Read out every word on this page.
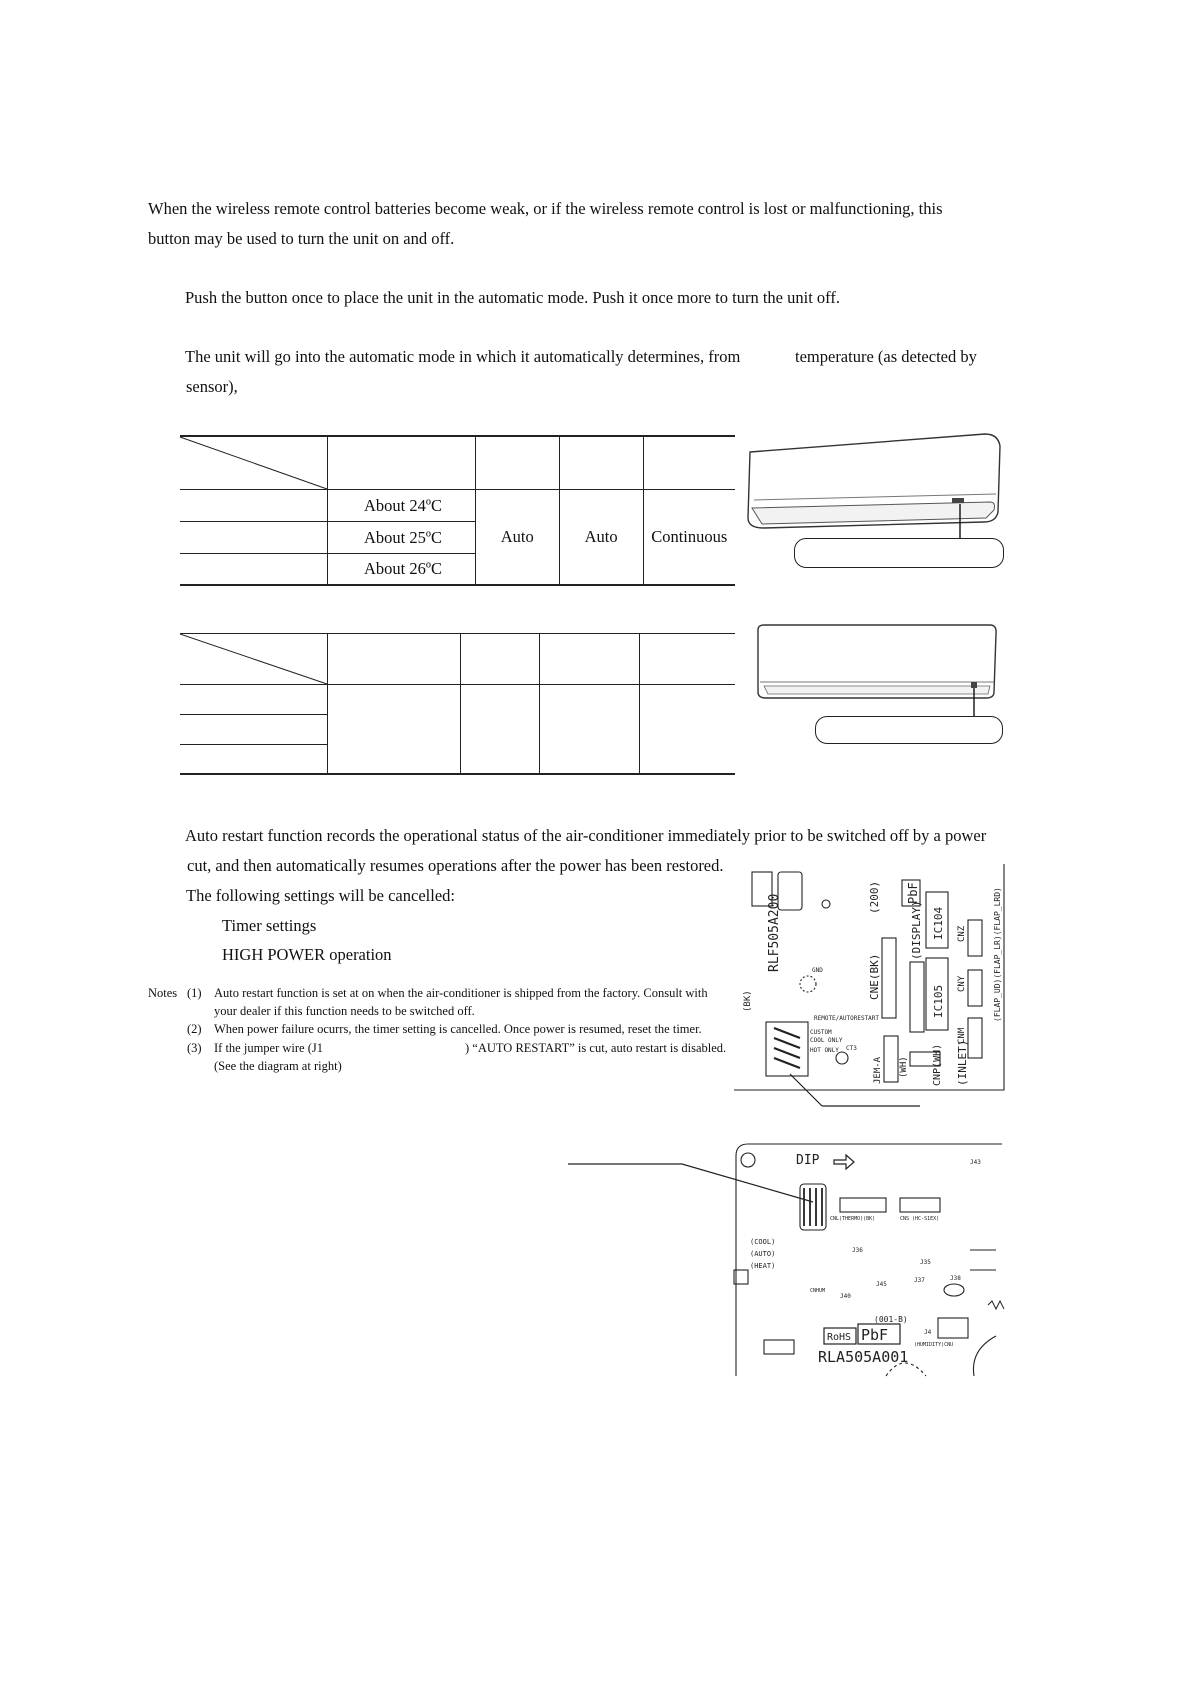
When the wireless remote control batteries become weak, or if the wireless remote control is lost or malfunctioning, this

button may be used to turn the unit on and off.

Push the button once to place the unit in the automatic mode. Push it once more to turn the unit off.

The unit will go into the automatic mode in which it automatically determines, from	temperature (as detected by

sensor),

	About 24ºC	Auto	Auto	Continuous
	About 25ºC			
	About 26ºC			

Auto restart function records the operational status of the air-conditioner immediately prior to be switched off by a power

cut, and then automatically resumes operations after the power has been restored.

The following settings will be cancelled:

Timer settings

HIGH POWER operation

Notes (1) Auto restart function is set at on when the air-conditioner is shipped from the factory. Consult with

your dealer if this function needs to be switched off.

(2) When power failure ocurrs, the timer setting is cancelled. Once power is resumed, reset the timer.

(3) If the jumper wire (J1	) “AUTO RESTART” is cut, auto restart is disabled.

(See the diagram at right)

RLF505A200	(200) PbF
IC104
IC105
CNE(BK)
(DISPLAY)	CNZ
CNY
CNM
CNP(WH) (INLET)
(FLAP_UD)(FLAP_LR)(FLAP_LRD)
(BK)
JEM-A (WH)
REMOTE/AUTORESTART
CUSTOM
COOL ONLY
HOT ONLY CT3
GND
DIP
(COOL)
(AUTO)
(HEAT)
RoHS PbF
(001-B)
RLA505A001
J43
J36
J35
J37	J38
J40
J45
J4
CNS (HC-S1EX)
CNL(THERMO)(BK)
(HUMIDITY)CNU
CNHUM
